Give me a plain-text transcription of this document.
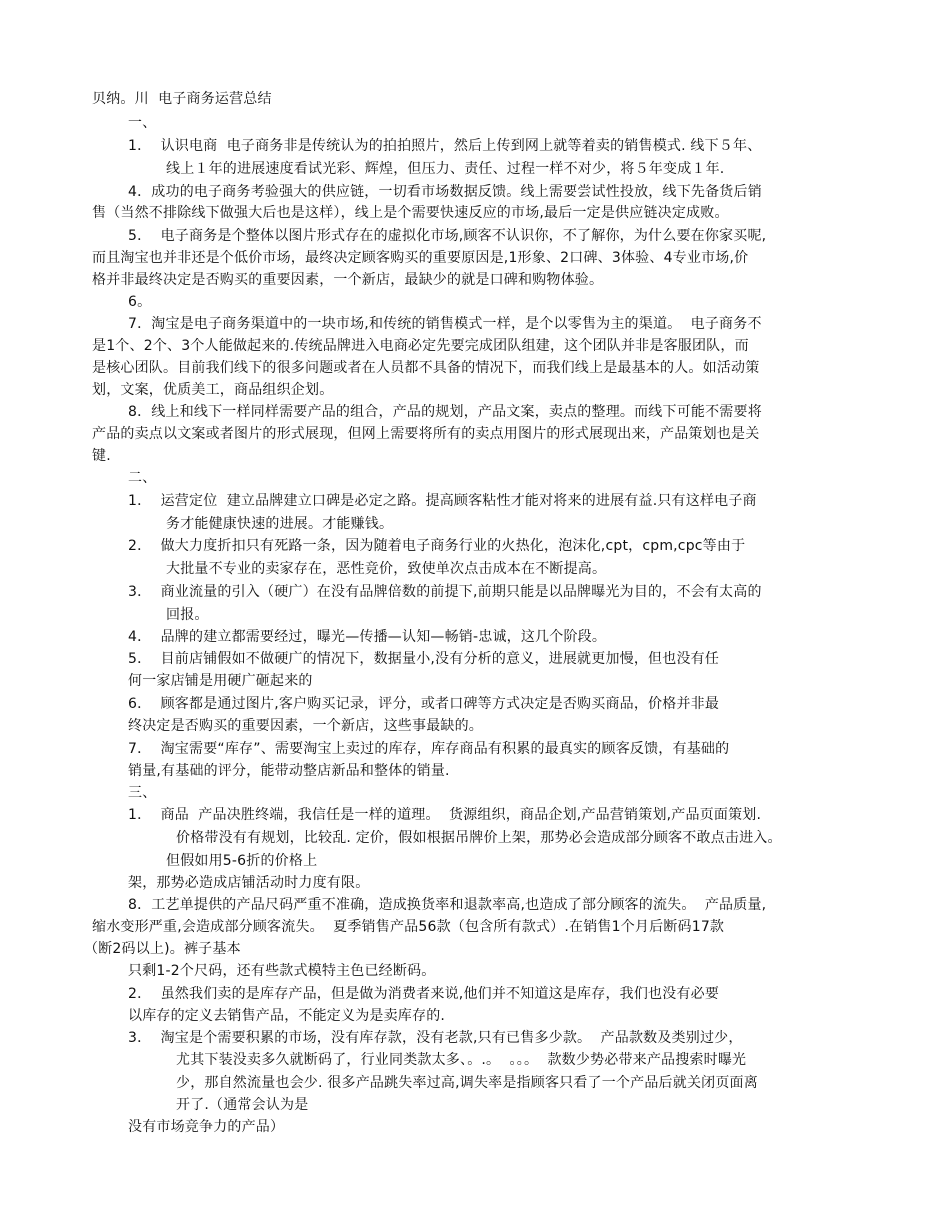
贝纳。川  电子商务运营总结
一、
1．  认识电商  电子商务非是传统认为的拍拍照片，然后上传到网上就等着卖的销售模式. 线下５年、
线上１年的进展速度看试光彩、辉煌，但压力、责任、过程一样不对少，将５年变成１年.
4．成功的电子商务考验强大的供应链，一切看市场数据反馈。线上需要尝试性投放，线下先备货后销
售（当然不排除线下做强大后也是这样），线上是个需要快速反应的市场,最后一定是供应链决定成败。
5．  电子商务是个整体以图片形式存在的虚拟化市场,顾客不认识你，不了解你，为什么要在你家买呢,
而且淘宝也并非还是个低价市场，最终决定顾客购买的重要原因是,1形象、2口碑、3体验、4专业市场,价
格并非最终决定是否购买的重要因素，一个新店，最缺少的就是口碑和购物体验。
6。
7．淘宝是电子商务渠道中的一块市场,和传统的销售模式一样，是个以零售为主的渠道。  电子商务不
是1个、2个、3个人能做起来的.传统品牌进入电商必定先要完成团队组建，这个团队并非是客服团队，而
是核心团队。目前我们线下的很多问题或者在人员都不具备的情况下，而我们线上是最基本的人。如活动策
划，文案，优质美工，商品组织企划。
8．线上和线下一样同样需要产品的组合，产品的规划，产品文案，卖点的整理。而线下可能不需要将
产品的卖点以文案或者图片的形式展现，但网上需要将所有的卖点用图片的形式展现出来，产品策划也是关
键.
二、
1．  运营定位  建立品牌建立口碑是必定之路。提高顾客粘性才能对将来的进展有益.只有这样电子商
务才能健康快速的进展。才能赚钱。
2．  做大力度折扣只有死路一条，因为随着电子商务行业的火热化，泡沫化,cpt，cpm,cpc等由于
大批量不专业的卖家存在，恶性竞价，致使单次点击成本在不断提高。
3．  商业流量的引入（硬广）在没有品牌倍数的前提下,前期只能是以品牌曝光为目的，不会有太高的
回报。
4．  品牌的建立都需要经过，曝光—传播—认知—畅销-忠诚，这几个阶段。
5．  目前店铺假如不做硬广的情况下，数据量小,没有分析的意义，进展就更加慢，但也没有任
何一家店铺是用硬广砸起来的
6．  顾客都是通过图片,客户购买记录，评分，或者口碑等方式决定是否购买商品，价格并非最
终决定是否购买的重要因素，一个新店，这些事最缺的。
7．  淘宝需要“库存”、需要淘宝上卖过的库存，库存商品有积累的最真实的顾客反馈，有基础的
销量,有基础的评分，能带动整店新品和整体的销量.
三、
1．  商品  产品决胜终端，我信任是一样的道理。  货源组织，商品企划,产品营销策划,产品页面策划.
价格带没有有规划，比较乱. 定价，假如根据吊牌价上架，那势必会造成部分顾客不敢点击进入。
但假如用5-6折的价格上
架，那势必造成店铺活动时力度有限。
8．工艺单提供的产品尺码严重不准确，造成换货率和退款率高,也造成了部分顾客的流失。  产品质量,
缩水变形严重,会造成部分顾客流失。  夏季销售产品56款（包含所有款式）.在销售1个月后断码17款
（断2码以上)。裤子基本
只剩1-2个尺码，还有些款式模特主色已经断码。
2．  虽然我们卖的是库存产品，但是做为消费者来说,他们并不知道这是库存，我们也没有必要
以库存的定义去销售产品，不能定义为是卖库存的.
3．  淘宝是个需要积累的市场，没有库存款，没有老款,只有已售多少款。  产品款数及类别过少，
尤其下装没卖多久就断码了，行业同类款太多、。.。  。。。  款数少势必带来产品搜索时曝光
少，那自然流量也会少. 很多产品跳失率过高,调失率是指顾客只看了一个产品后就关闭页面离
开了.（通常会认为是
没有市场竞争力的产品）
